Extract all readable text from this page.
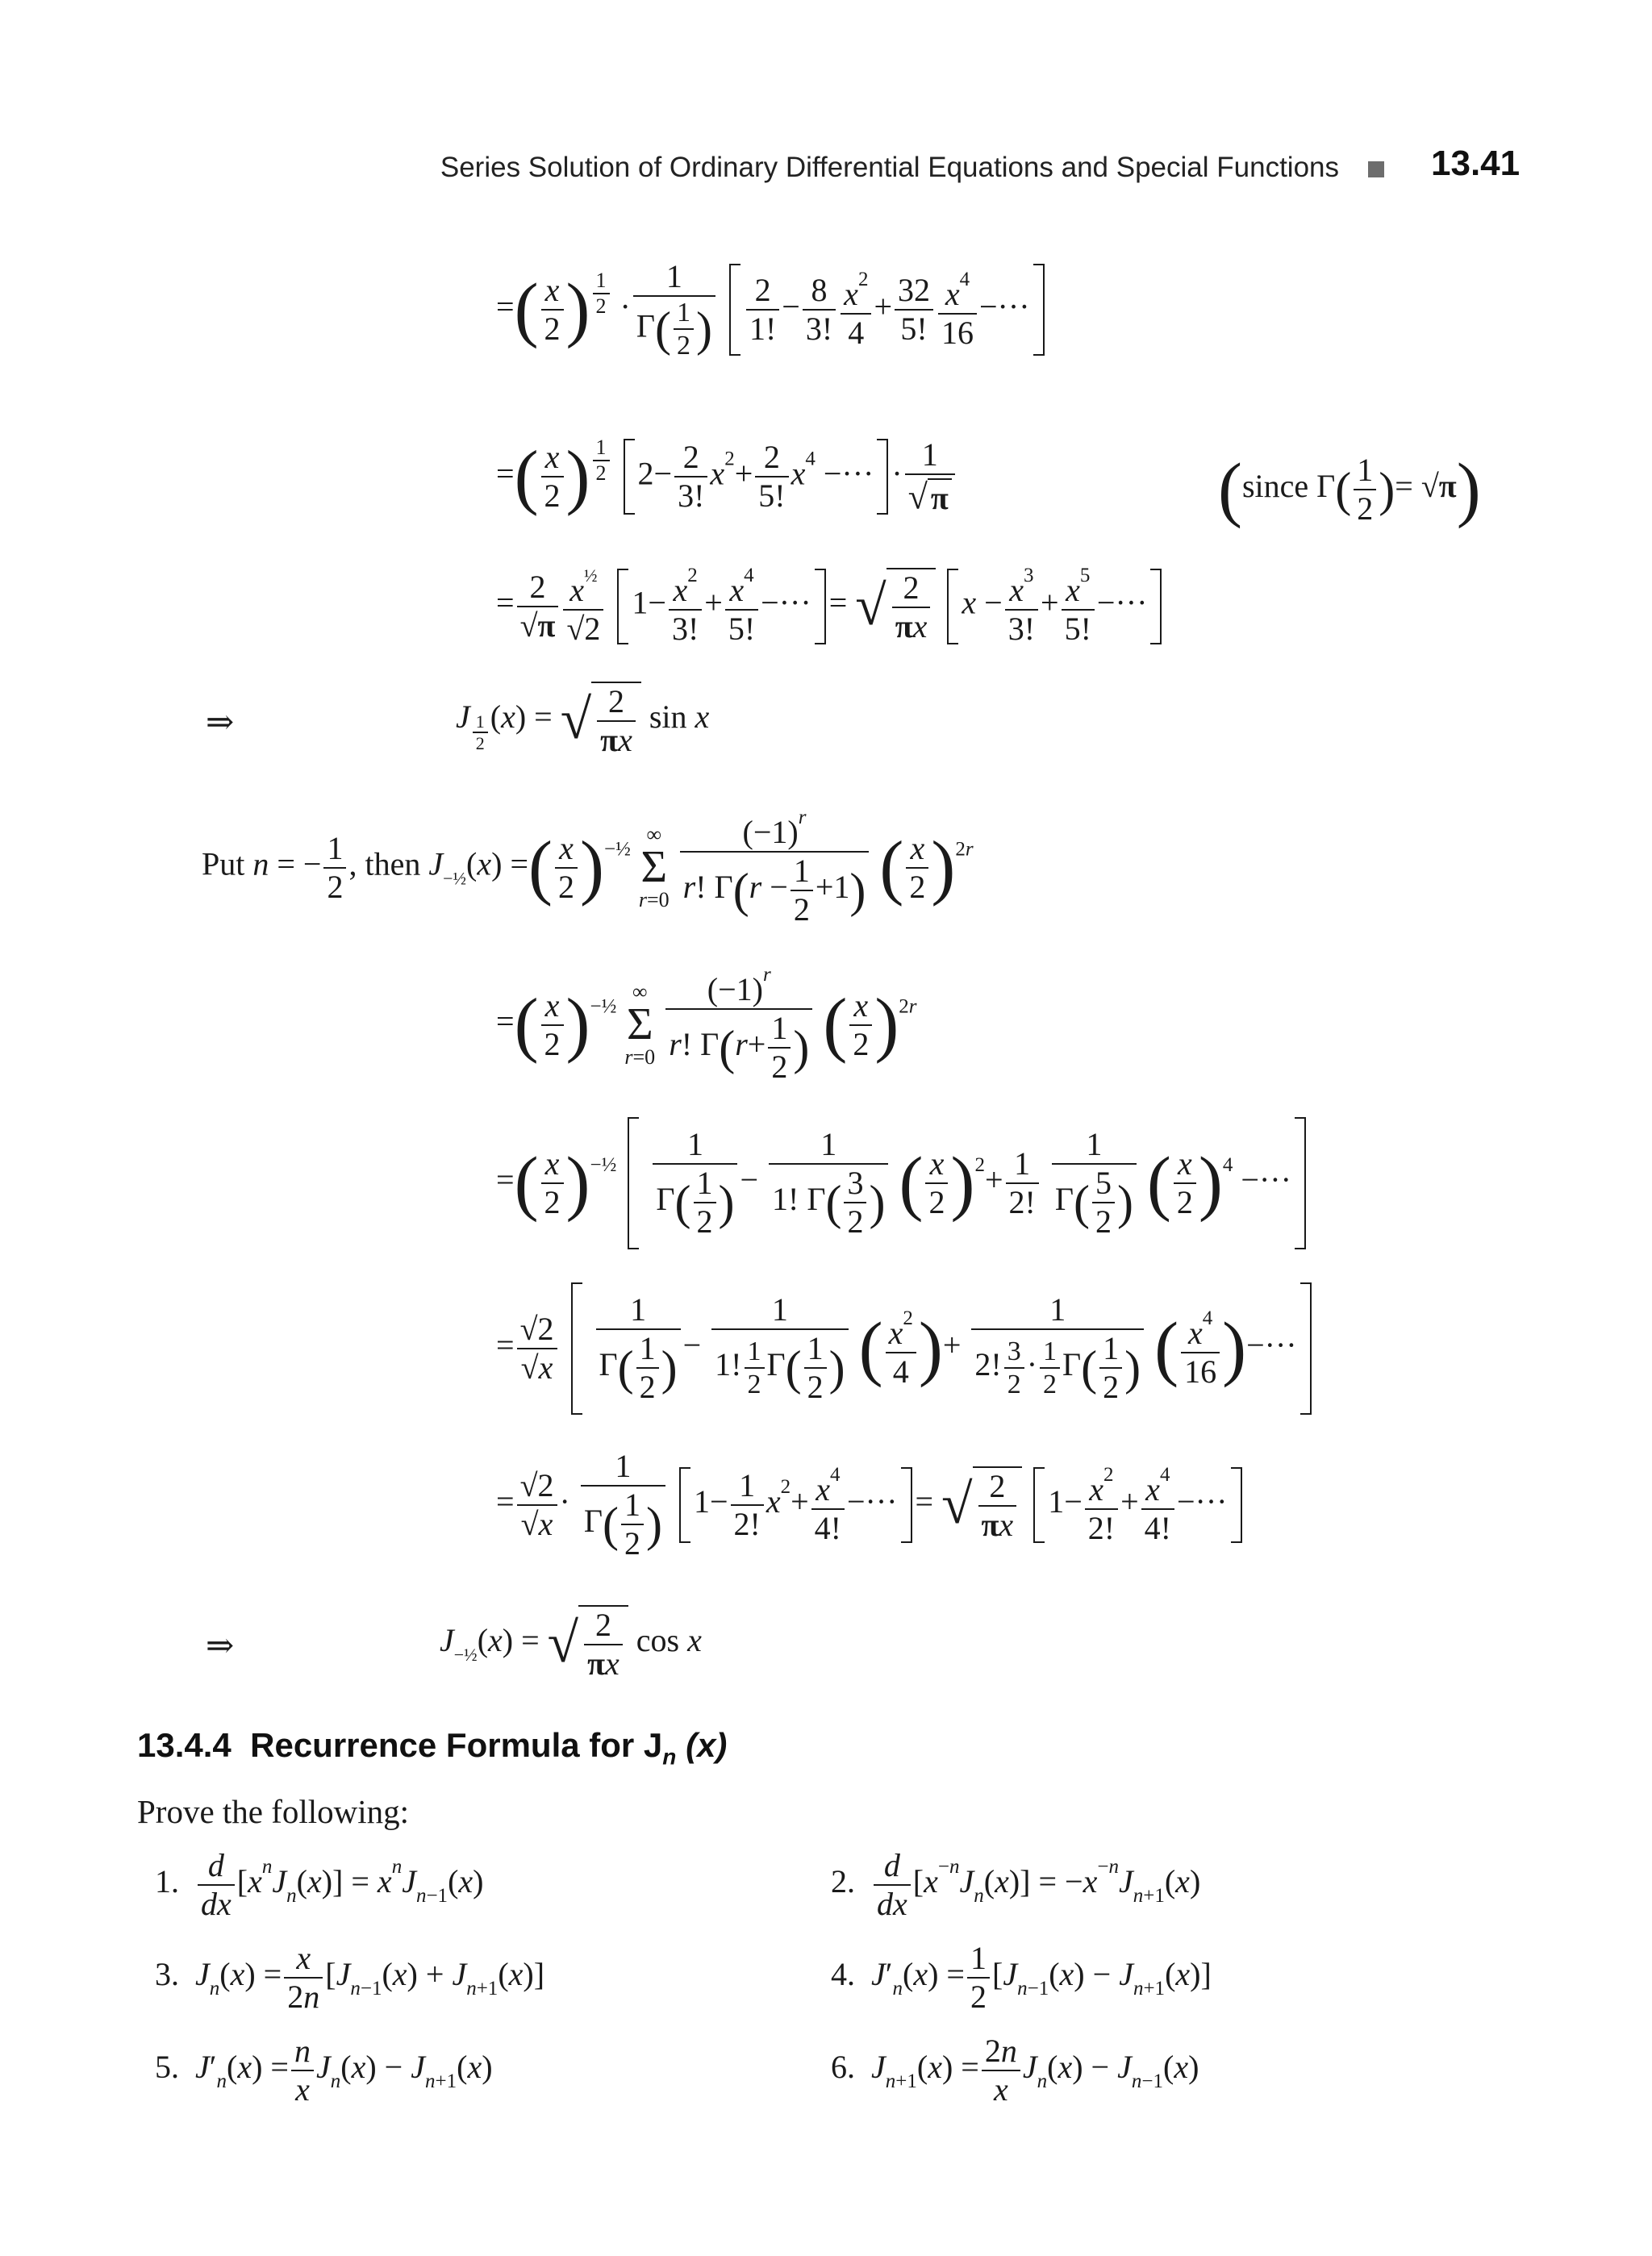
Series Solution of Ordinary Differential Equations and Special Functions	13.41
=( $\frac{x}{2}$ ) $^{\frac{1}{2}} \cdot \frac{1}{\Gamma( \frac{1}{2} )}$
$\frac{2}{1!} - \frac{8}{3!} \frac{x^2}{4} + \frac{32}{5!} \frac{x^4}{16}$ −···
=( $\frac{x}{2}$ ) $^{\frac{1}{2}}$ $2- \frac{2}{3!} x^2+ \frac{2}{5!} x^4$ −··· · $\frac{1}{√ \pi}$	(since $\Gamma( \frac{1}{2}$ )= √π)
= $\frac{2}{√\pi} \frac{x^{\frac{1}{2}}}{√2} 1- \frac{x^2}{3!} + \frac{x^4}{5!}$ −··· = √ $\frac{2}{\pi x}$ $x - \frac{x^3}{3!} + \frac{x^5}{5!}$ −···
⇒	J $_{\frac{1}{2}}$ (x) = √ $\frac{2}{\pi x}$ sin x
Put n = − $\frac{1}{2}$ , then $J_{-\frac{1}{2}}(x)$ =( $\frac{x}{2} )^{-\frac{1}{2}}$
∞
Σ
r=0
$\frac{(-1)^r}{r! \Gamma(r - \frac{1}{2} +1)}$ ( $\frac{x}{2} )^{2r}$
=( $\frac{x}{2} )^{-\frac{1}{2}}$
∞
Σ
r=0
$\frac{(-1)^r}{r! \Gamma(r+ \frac{1}{2} )}$ ( $\frac{x}{2} )^{2r}$
=( $\frac{x}{2} )^{-\frac{1}{2}} \frac{1}{\Gamma( \frac{1}{2} )} - \frac{1}{1! \Gamma( \frac{3}{2} )}$ ( $\frac{x}{2} )^2+ \frac{1}{2!}$
$\frac{1}{\Gamma( \frac{5}{2} )}$ ( $\frac{x}{2} )^4$ −···
= $\frac{√2}{√x}$
$\frac{1}{\Gamma( \frac{1}{2} )} - \frac{1}{1! \frac{1}{2} \Gamma( \frac{1}{2} )}$ ( $\frac{x^2}{4}$ )+ $\frac{1}{2! \frac{3}{2} \cdot \frac{1}{2} \Gamma( \frac{1}{2} )}$ ( $\frac{x^4}{16}$ )−···
= $\frac{√2}{√x} \cdot \frac{1}{\Gamma( \frac{1}{2} )} 1- \frac{1}{2!} x^2+ \frac{x^4}{4!}$ −··· = √ $\frac{2}{\pi x} 1- \frac{x^2}{2!} + \frac{x^4}{4!}$ −···
⇒	$J_{-\frac{1}{2}}(x)$ = √ $\frac{2}{\pi x}$ cos x
13.4.4 Recurrence Formula for $J_n$ (x)
Prove the following:
1. $\frac{d}{dx} [x^nJ_n(x)] = x^nJ_{n-1}(x)$	2. $\frac{d}{dx} [x^{-n}J_n(x)] = -x^{-n}J_{n+1}(x)$
3. $J_n(x) = \frac{x}{2n} [J_{n-1}(x) + J_{n+1}(x)]$	4. $J'_n(x) = \frac{1}{2} [J_{n-1}(x) - J_{n+1}(x)]$
5. $J'_n(x) = \frac{n}{x} J_n(x) - J_{n+1}(x)$	6. $J_{n+1}(x) = \frac{2n}{x} J_n(x) - J_{n-1}(x)$
